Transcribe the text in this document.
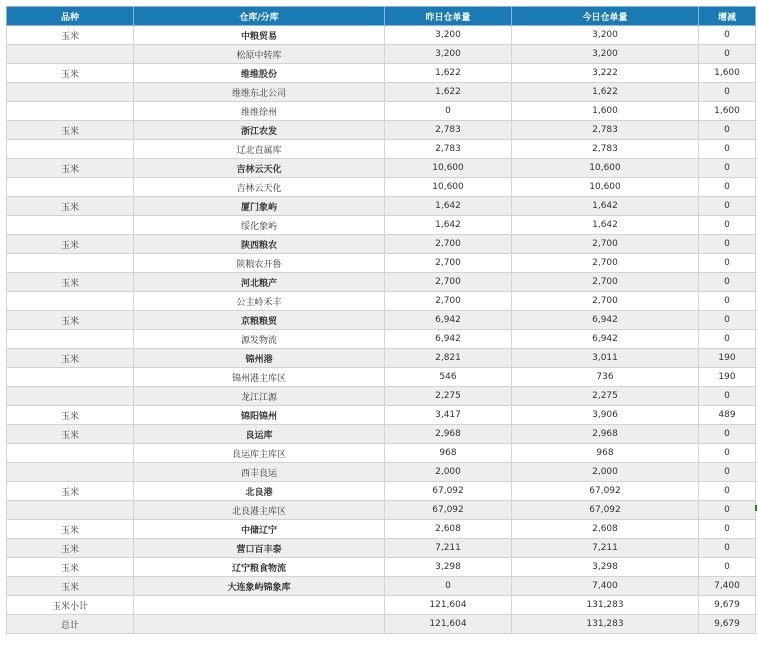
品种	仓库/分库	昨日仓单量	今日仓单量	增减
玉米	中粮贸易	3,200	3,200	0
	松原中转库	3,200	3,200	0
玉米	维维股份	1,622	3,222	1,600
	维维东北公司	1,622	1,622	0
	维维徐州	0	1,600	1,600
玉米	浙江农发	2,783	2,783	0
	辽北直属库	2,783	2,783	0
玉米	吉林云天化	10,600	10,600	0
	吉林云天化	10,600	10,600	0
玉米	厦门象屿	1,642	1,642	0
	绥化象屿	1,642	1,642	0
玉米	陕西粮农	2,700	2,700	0
	陕粮农开鲁	2,700	2,700	0
玉米	河北粮产	2,700	2,700	0
	公主岭禾丰	2,700	2,700	0
玉米	京粮粮贸	6,942	6,942	0
	源发物流	6,942	6,942	0
玉米	锦州港	2,821	3,011	190
	锦州港主库区	546	736	190
	龙江江源	2,275	2,275	0
玉米	锦阳锦州	3,417	3,906	489
玉米	良运库	2,968	2,968	0
	良运库主库区	968	968	0
	西丰良运	2,000	2,000	0
玉米	北良港	67,092	67,092	0
	北良港主库区	67,092	67,092	0
玉米	中储辽宁	2,608	2,608	0
玉米	营口百丰泰	7,211	7,211	0
玉米	辽宁粮食物流	3,298	3,298	0
玉米	大连象屿锦象库	0	7,400	7,400
玉米小计		121,604	131,283	9,679
总计		121,604	131,283	9,679
